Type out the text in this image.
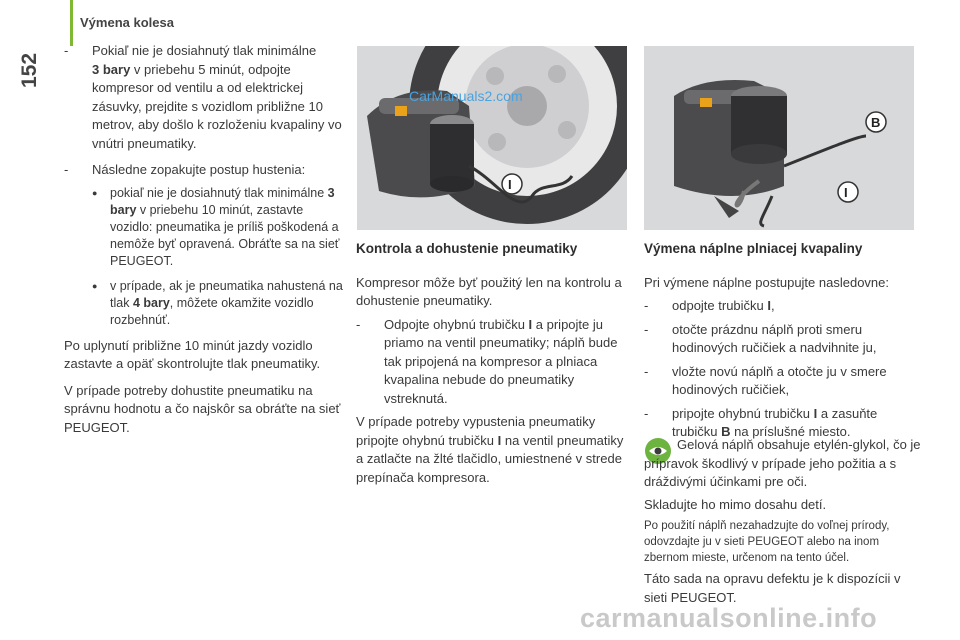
Výmena kolesa
152

- Pokiaľ nie je dosiahnutý tlak minimálne
3 bary v priebehu 5 minút, odpojte kompresor od ventilu a od elektrickej zásuvky, prejdite s vozidlom približne 10 metrov, aby došlo k rozloženiu kvapaliny vo vnútri pneumatiky.

- Následne zopakujte postup hustenia:

● pokiaľ nie je dosiahnutý tlak minimálne 3 bary v priebehu 10 minút, zastavte vozidlo: pneumatika je príliš poškodená a nemôže byť opravená. Obráťte sa na sieť PEUGEOT.

● v prípade, ak je pneumatika nahustená na tlak 4 bary, môžete okamžite vozidlo rozbehnúť.

Po uplynutí približne 10 minút jazdy vozidlo zastavte a opäť skontrolujte tlak pneumatiky.

V prípade potreby dohustite pneumatiku na správnu hodnotu a čo najskôr sa obráťte na sieť PEUGEOT.

I
CarManuals2.com

Kontrola a dohustenie pneumatiky

Kompresor môže byť použitý len na kontrolu a dohustenie pneumatiky.

- Odpojte ohybnú trubičku I a pripojte ju priamo na ventil pneumatiky; náplň bude tak pripojená na kompresor a plniaca kvapalina nebude do pneumatiky vstreknutá.

V prípade potreby vypustenia pneumatiky pripojte ohybnú trubičku I na ventil pneumatiky a zatlačte na žlté tlačidlo, umiestnené v strede prepínača kompresora.

B
I

Výmena náplne plniacej kvapaliny

Pri výmene náplne postupujte nasledovne:

- odpojte trubičku I,

- otočte prázdnu náplň proti smeru hodinových ručičiek a nadvihnite ju,

- vložte novú náplň a otočte ju v smere hodinových ručičiek,

- pripojte ohybnú trubičku I a zasuňte trubičku B na príslušné miesto.

Gelová náplň obsahuje etylén-glykol, čo je prípravok škodlivý v prípade jeho požitia a s dráždivými účinkami pre oči.

Skladujte ho mimo dosahu detí.

Po použití náplň nezahadzujte do voľnej prírody, odovzdajte ju v sieti PEUGEOT alebo na inom zbernom mieste, určenom na tento účel.

Táto sada na opravu defektu je k dispozícii v sieti PEUGEOT.

carmanualsonline.info
